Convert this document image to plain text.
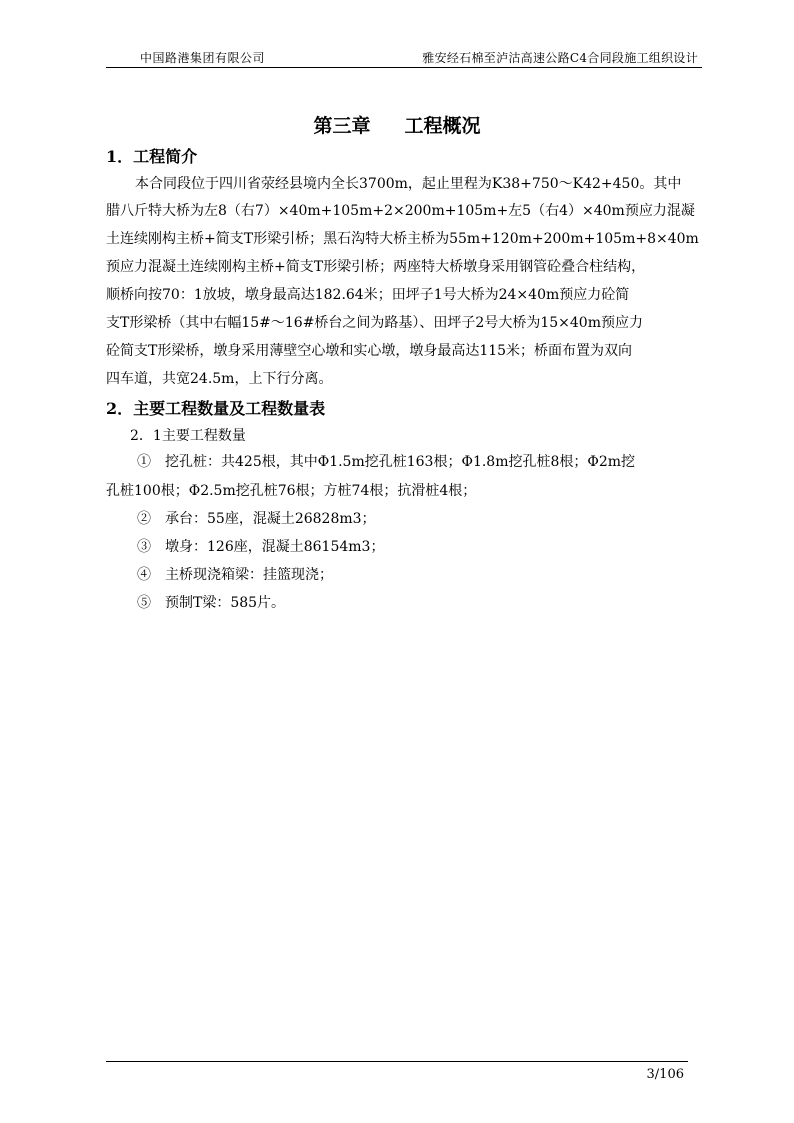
中国路港集团有限公司	雅安经石棉至泸沽高速公路C4合同段施工组织设计
第三章 工程概况
1．工程简介
本合同段位于四川省荥经县境内全长3700m，起止里程为K38+750～K42+450。其中
腊八斤特大桥为左8（右7）×40m+105m+2×200m+105m+左5（右4）×40m预应力混凝
土连续刚构主桥+简支T形梁引桥；黑石沟特大桥主桥为55m+120m+200m+105m+8×40m
预应力混凝土连续刚构主桥+简支T形梁引桥；两座特大桥墩身采用钢管砼叠合柱结构，
顺桥向按70：1放坡，墩身最高达182.64米；田坪子1号大桥为24×40m预应力砼简
支T形梁桥（其中右幅15#～16#桥台之间为路基）、田坪子2号大桥为15×40m预应力
砼简支T形梁桥，墩身采用薄壁空心墩和实心墩，墩身最高达115米；桥面布置为双向
四车道，共宽24.5m，上下行分离。
2．主要工程数量及工程数量表
2．1主要工程数量
①　挖孔桩：共425根，其中Φ1.5m挖孔桩163根；Φ1.8m挖孔桩8根；Φ2m挖
孔桩100根；Φ2.5m挖孔桩76根；方桩74根；抗滑桩4根；
②　承台：55座，混凝土26828m3；
③　墩身：126座，混凝土86154m3；
④　主桥现浇箱梁：挂篮现浇；
⑤　预制T梁：585片。
3/106
